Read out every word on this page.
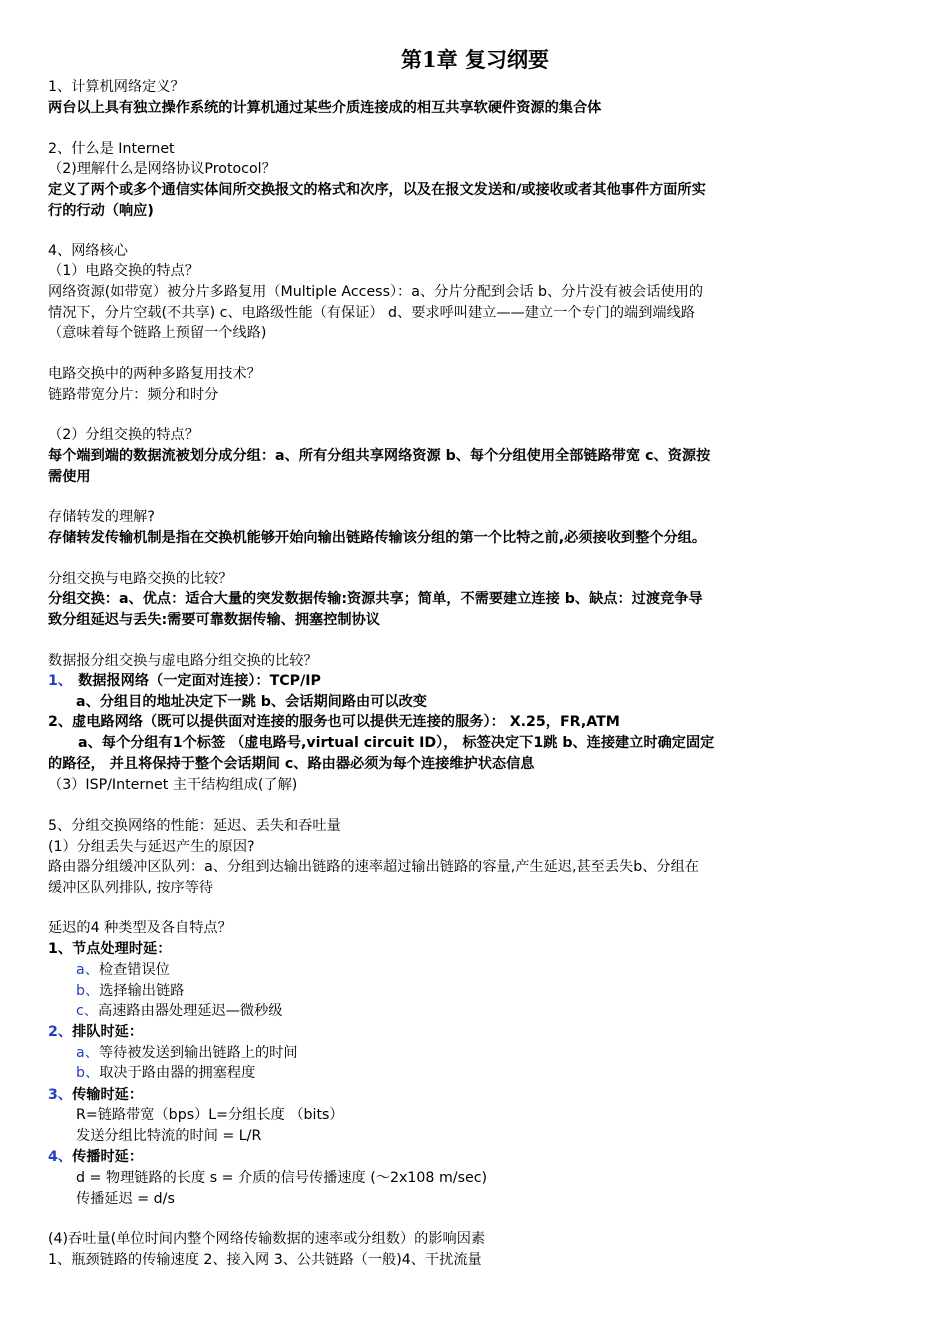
第1章 复习纲要
1、计算机网络定义？
两台以上具有独立操作系统的计算机通过某些介质连接成的相互共享软硬件资源的集合体
2、什么是 Internet
（2)理解什么是网络协议Protocol？
定义了两个或多个通信实体间所交换报文的格式和次序，以及在报文发送和/或接收或者其他事件方面所实
行的行动（响应)
4、网络核心
（1）电路交换的特点？
网络资源(如带宽）被分片多路复用（Multiple Access）：a、分片分配到会话 b、分片没有被会话使用的
情况下，分片空载(不共享) c、电路级性能（有保证） d、要求呼叫建立——建立一个专门的端到端线路
（意味着每个链路上预留一个线路)
电路交换中的两种多路复用技术？
链路带宽分片：频分和时分
（2）分组交换的特点？
每个端到端的数据流被划分成分组：a、所有分组共享网络资源 b、每个分组使用全部链路带宽 c、资源按
需使用
存储转发的理解?
存储转发传输机制是指在交换机能够开始向输出链路传输该分组的第一个比特之前,必须接收到整个分组。
分组交换与电路交换的比较？
分组交换：a、优点：适合大量的突发数据传输:资源共享；简单，不需要建立连接 b、缺点：过渡竞争导
致分组延迟与丢失:需要可靠数据传输、拥塞控制协议
数据报分组交换与虚电路分组交换的比较？
1、 数据报网络（一定面对连接）：TCP/IP
a、分组目的地址决定下一跳 b、会话期间路由可以改变
2、虚电路网络（既可以提供面对连接的服务也可以提供无连接的服务）： X.25，FR,ATM
a、每个分组有1个标签 （虚电路号,virtual circuit ID）， 标签决定下1跳 b、连接建立时确定固定
的路径， 并且将保持于整个会话期间 c、路由器必须为每个连接维护状态信息
（3）ISP/Internet 主干结构组成(了解)
5、分组交换网络的性能：延迟、丢失和吞吐量
(1）分组丢失与延迟产生的原因?
路由器分组缓冲区队列：a、分组到达输出链路的速率超过输出链路的容量,产生延迟,甚至丢失b、分组在
缓冲区队列排队, 按序等待
延迟的4 种类型及各自特点？
1、节点处理时延：
a、检查错误位
b、选择输出链路
c、高速路由器处理延迟—微秒级
2、排队时延：
a、等待被发送到输出链路上的时间
b、取决于路由器的拥塞程度
3、传输时延：
R=链路带宽（bps）L=分组长度 （bits）
发送分组比特流的时间 = L/R
4、传播时延：
d = 物理链路的长度 s = 介质的信号传播速度 (～2x108 m/sec)
传播延迟 = d/s
(4)吞吐量(单位时间内整个网络传输数据的速率或分组数）的影响因素
1、瓶颈链路的传输速度 2、接入网 3、公共链路（一般)4、干扰流量
